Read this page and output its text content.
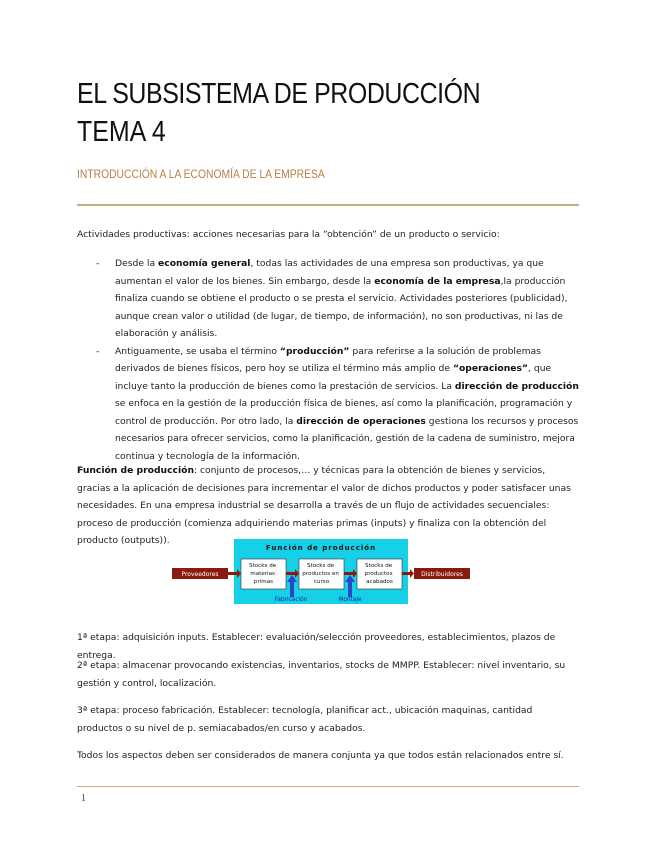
EL SUBSISTEMA DE PRODUCCIÓN
TEMA 4

INTRODUCCIÓN A LA ECONOMÍA DE LA EMPRESA

Actividades productivas: acciones necesarias para la “obtención” de un producto o servicio:

- Desde la economía general, todas las actividades de una empresa son productivas, ya que aumentan el valor de los bienes. Sin embargo, desde la economía de la empresa,la producción finaliza cuando se obtiene el producto o se presta el servicio. Actividades posteriores (publicidad), aunque crean valor o utilidad (de lugar, de tiempo, de información), no son productivas, ni las de elaboración y análisis.
- Antiguamente, se usaba el término “producción” para referirse a la solución de problemas derivados de bienes físicos, pero hoy se utiliza el término más amplio de “operaciones”, que incluye tanto la producción de bienes como la prestación de servicios. La dirección de producción se enfoca en la gestión de la producción física de bienes, así como la planificación, programación y control de producción. Por otro lado, la dirección de operaciones gestiona los recursos y procesos necesarios para ofrecer servicios, como la planificación, gestión de la cadena de suministro, mejora continua y tecnología de la información.

Función de producción: conjunto de procesos,… y técnicas para la obtención de bienes y servicios, gracias a la aplicación de decisiones para incrementar el valor de dichos productos y poder satisfacer unas necesidades. En una empresa industrial se desarrolla a través de un flujo de actividades secuenciales: proceso de producción (comienza adquiriendo materias primas (inputs) y finaliza con la obtención del producto (outputs)).

Función de producción
Proveedores	Distribuidores
Stocks de materias primas
Stocks de productos en curso
Stocks de productos acabados
Fabricación	Montaje

1ª etapa: adquisición inputs. Establecer: evaluación/selección proveedores, establecimientos, plazos de entrega.

2ª etapa: almacenar provocando existencias, inventarios, stocks de MMPP. Establecer: nivel inventario, su gestión y control, localización.

3ª etapa: proceso fabricación. Establecer: tecnología, planificar act., ubicación maquinas, cantidad productos o su nivel de p. semiacabados/en curso y acabados.

Todos los aspectos deben ser considerados de manera conjunta ya que todos están relacionados entre sí.

1
